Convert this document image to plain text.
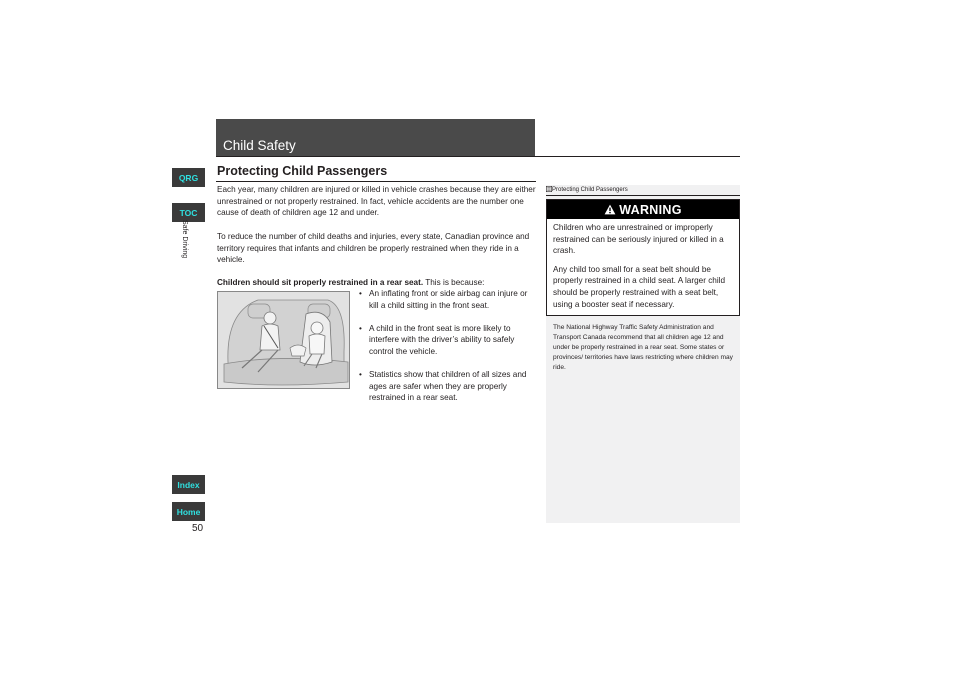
QRG
TOC
Safe Driving
Index
Home
50
Child Safety
Protecting Child Passengers
Each year, many children are injured or killed in vehicle crashes because they are either unrestrained or not properly restrained. In fact, vehicle accidents are the number one cause of death of children age 12 and under.
To reduce the number of child deaths and injuries, every state, Canadian province and territory requires that infants and children be properly restrained when they ride in a vehicle.
Children should sit properly restrained in a rear seat. This is because:
• An inflating front or side airbag can injure or kill a child sitting in the front seat.
• A child in the front seat is more likely to interfere with the driver’s ability to safely control the vehicle.
• Statistics show that children of all sizes and ages are safer when they are properly restrained in a rear seat.
Protecting Child Passengers
WARNING

Children who are unrestrained or improperly restrained can be seriously injured or killed in a crash.

Any child too small for a seat belt should be properly restrained in a child seat. A larger child should be properly restrained with a seat belt, using a booster seat if necessary.

The National Highway Traffic Safety Administration and Transport Canada recommend that all children age 12 and under be properly restrained in a rear seat. Some states or provinces/ territories have laws restricting where children may ride.
